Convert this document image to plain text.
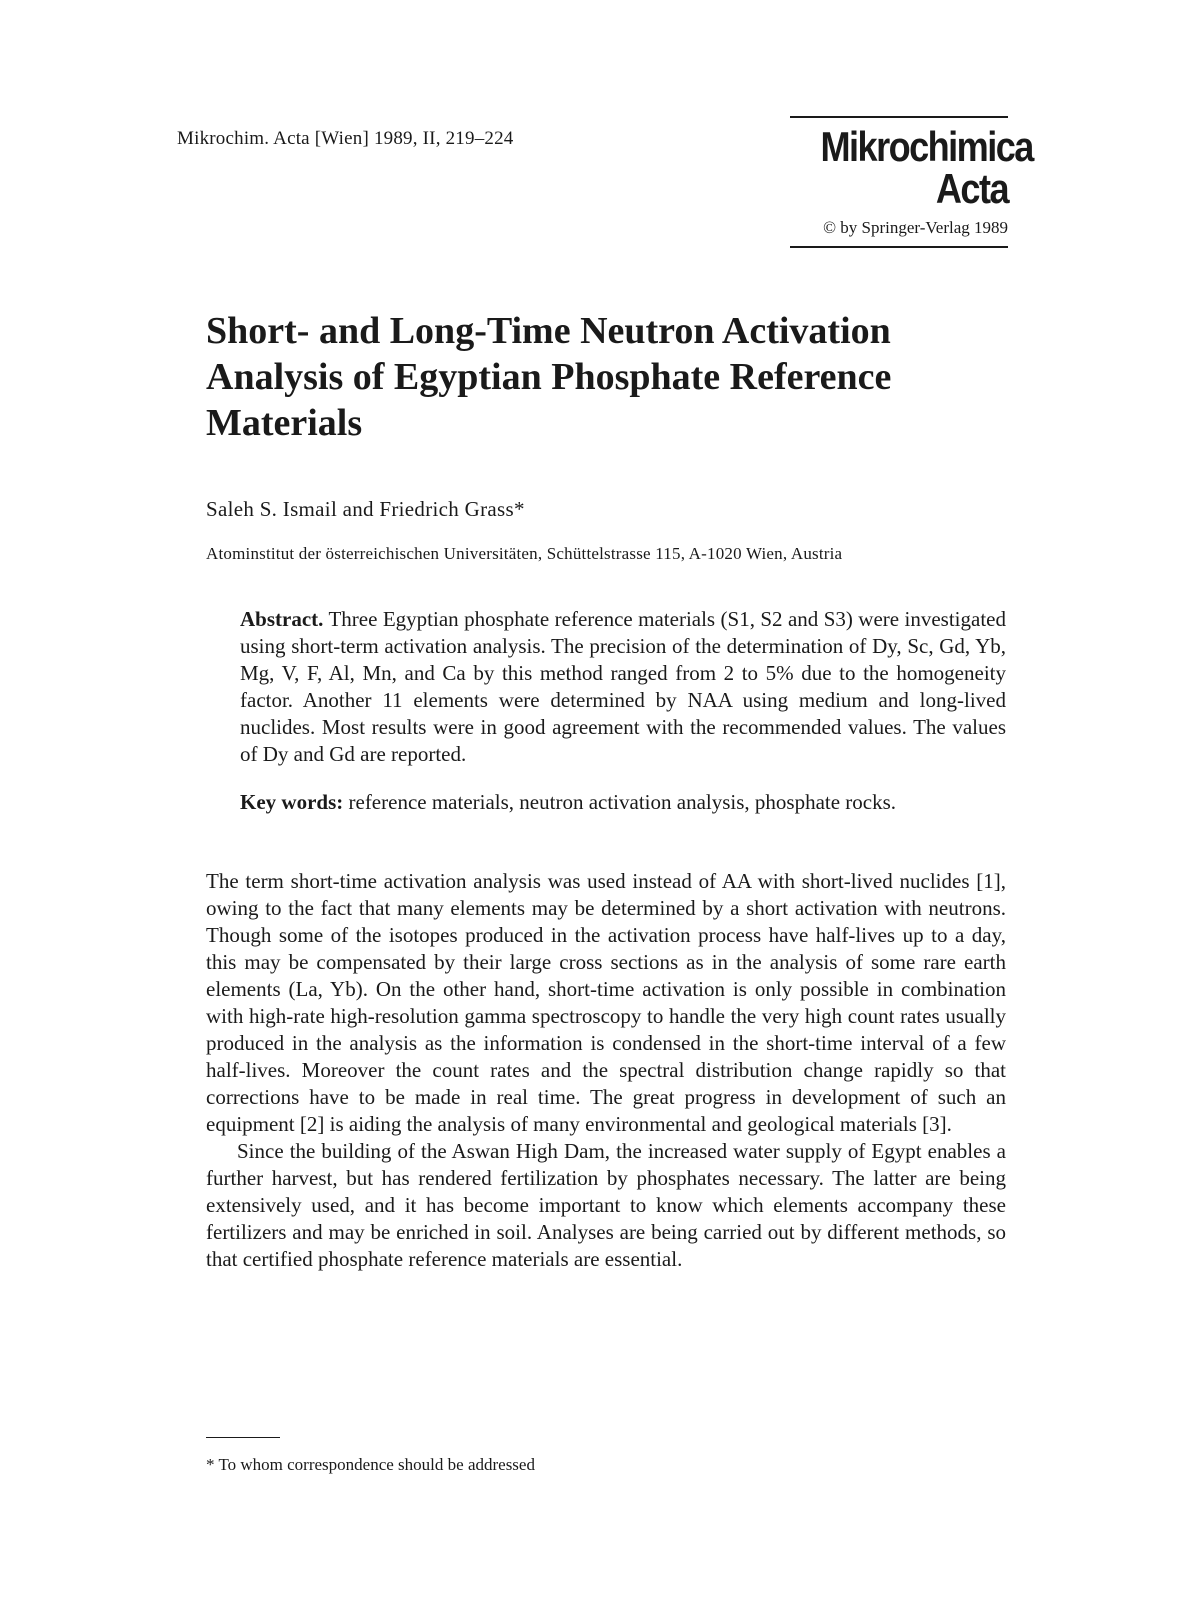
Mikrochim. Acta [Wien] 1989, II, 219–224	Mikrochimica
Acta
© by Springer-Verlag 1989
Short- and Long-Time Neutron Activation Analysis of Egyptian Phosphate Reference Materials
Saleh S. Ismail and Friedrich Grass*
Atominstitut der österreichischen Universitäten, Schüttelstrasse 115, A-1020 Wien, Austria
Abstract. Three Egyptian phosphate reference materials (S1, S2 and S3) were investigated using short-term activation analysis. The precision of the determination of Dy, Sc, Gd, Yb, Mg, V, F, Al, Mn, and Ca by this method ranged from 2 to 5% due to the homogeneity factor. Another 11 elements were determined by NAA using medium and long-lived nuclides. Most results were in good agreement with the recommended values. The values of Dy and Gd are reported.
Key words: reference materials, neutron activation analysis, phosphate rocks.

The term short-time activation analysis was used instead of AA with short-lived nuclides [1], owing to the fact that many elements may be determined by a short activation with neutrons. Though some of the isotopes produced in the activation process have half-lives up to a day, this may be compensated by their large cross sections as in the analysis of some rare earth elements (La, Yb). On the other hand, short-time activation is only possible in combination with high-rate high-resolution gamma spectroscopy to handle the very high count rates usually produced in the analysis as the information is condensed in the short-time interval of a few half-lives. Moreover the count rates and the spectral distribution change rapidly so that corrections have to be made in real time. The great progress in development of such an equipment [2] is aiding the analysis of many environmental and geological materials [3].

Since the building of the Aswan High Dam, the increased water supply of Egypt enables a further harvest, but has rendered fertilization by phosphates necessary. The latter are being extensively used, and it has become important to know which elements accompany these fertilizers and may be enriched in soil. Analyses are being carried out by different methods, so that certified phosphate reference materials are essential.

* To whom correspondence should be addressed
